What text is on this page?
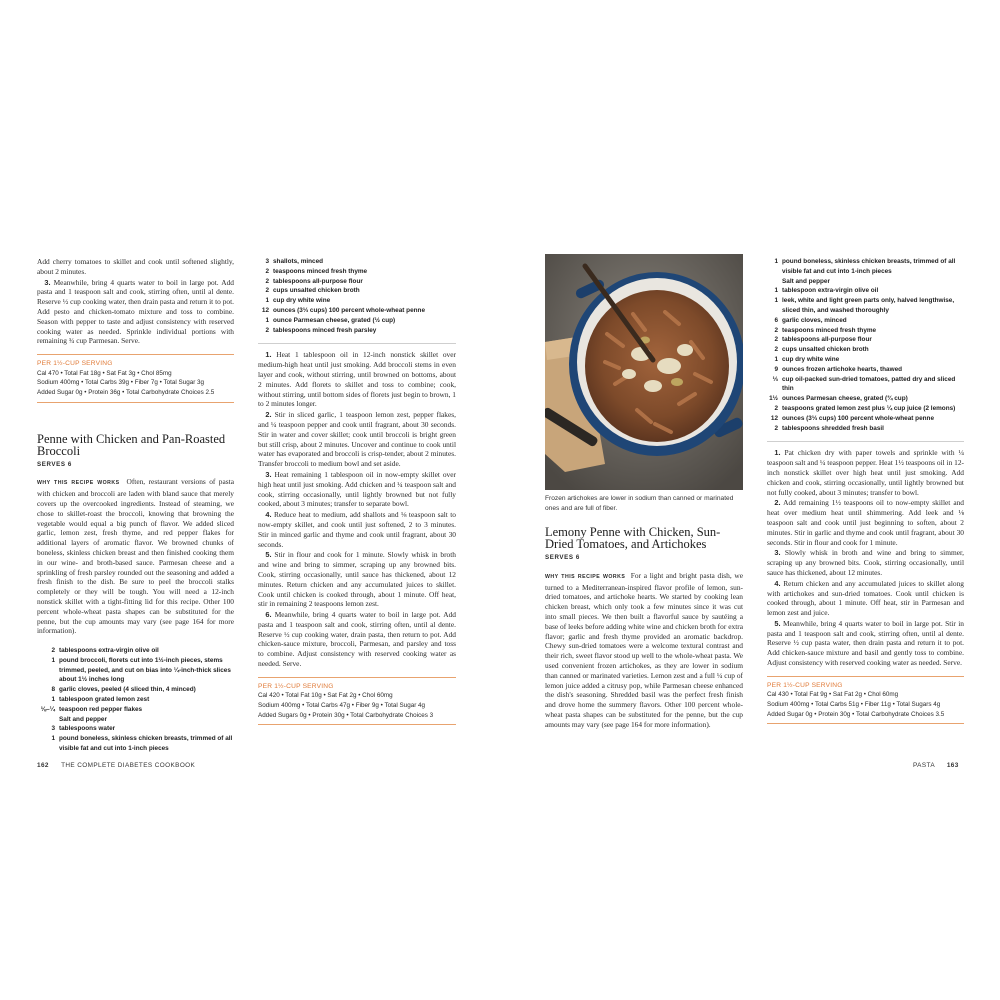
Add cherry tomatoes to skillet and cook until softened slightly, about 2 minutes.

 3. Meanwhile, bring 4 quarts water to boil in large pot. Add pasta and 1 teaspoon salt and cook, stirring often, until al dente. Reserve ½ cup cooking water, then drain pasta and return it to pot. Add pesto and chicken-tomato mixture and toss to combine. Season with pepper to taste and adjust consistency with reserved cooking water as needed. Sprinkle individual portions with remaining ¾ cup Parmesan. Serve.

PER 1½-CUP SERVING
Cal 470 • Total Fat 18g • Sat Fat 3g • Chol 85mg
Sodium 400mg • Total Carbs 39g • Fiber 7g • Total Sugar 3g
Added Sugar 0g • Protein 36g • Total Carbohydrate Choices 2.5
Penne with Chicken and Pan-Roasted Broccoli
SERVES 6

WHY THIS RECIPE WORKS Often, restaurant versions of pasta with chicken and broccoli are laden with bland sauce that merely covers up the overcooked ingredients. Instead of steaming, we chose to skillet-roast the broccoli, knowing that browning the vegetable would equal a big punch of flavor. We added sliced garlic, lemon zest, fresh thyme, and red pepper flakes for additional layers of aromatic flavor. We browned chunks of boneless, skinless chicken breast and then finished cooking them in our wine- and broth-based sauce. Parmesan cheese and a sprinkling of fresh parsley rounded out the seasoning and added a fresh finish to the dish. Be sure to peel the broccoli stalks completely or they will be tough. You will need a 12-inch nonstick skillet with a tight-fitting lid for this recipe. Other 100 percent whole-wheat pasta shapes can be substituted for the penne, but the cup amounts may vary (see page 164 for more information).

2 tablespoons extra-virgin olive oil
1 pound broccoli, florets cut into 1½-inch pieces, stems trimmed, peeled, and cut on bias into ¼-inch-thick slices about 1½ inches long
8 garlic cloves, peeled (4 sliced thin, 4 minced)
1 tablespoon grated lemon zest
⅛–¼ teaspoon red pepper flakes
Salt and pepper
3 tablespoons water
1 pound boneless, skinless chicken breasts, trimmed of all visible fat and cut into 1-inch pieces
3 shallots, minced
2 teaspoons minced fresh thyme
2 tablespoons all-purpose flour
2 cups unsalted chicken broth
1 cup dry white wine
12 ounces (3⅓ cups) 100 percent whole-wheat penne
1 ounce Parmesan cheese, grated (½ cup)
2 tablespoons minced fresh parsley

 1. Heat 1 tablespoon oil in 12-inch nonstick skillet over medium-high heat until just smoking. Add broccoli stems in even layer and cook, without stirring, until browned on bottoms, about 2 minutes. Add florets to skillet and toss to combine; cook, without stirring, until bottom sides of florets just begin to brown, 1 to 2 minutes longer.

 2. Stir in sliced garlic, 1 teaspoon lemon zest, pepper flakes, and ¼ teaspoon pepper and cook until fragrant, about 30 seconds. Stir in water and cover skillet; cook until broccoli is bright green but still crisp, about 2 minutes. Uncover and continue to cook until water has evaporated and broccoli is crisp-tender, about 2 minutes. Transfer broccoli to medium bowl and set aside.

 3. Heat remaining 1 tablespoon oil in now-empty skillet over high heat until just smoking. Add chicken and ¼ teaspoon salt and cook, stirring occasionally, until lightly browned but not fully cooked, about 3 minutes; transfer to separate bowl.

 4. Reduce heat to medium, add shallots and ⅛ teaspoon salt to now-empty skillet, and cook until just softened, 2 to 3 minutes. Stir in minced garlic and thyme and cook until fragrant, about 30 seconds.

 5. Stir in flour and cook for 1 minute. Slowly whisk in broth and wine and bring to simmer, scraping up any browned bits. Cook, stirring occasionally, until sauce has thickened, about 12 minutes. Return chicken and any accumulated juices to skillet. Cook until chicken is cooked through, about 1 minute. Off heat, stir in remaining 2 teaspoons lemon zest.

 6. Meanwhile, bring 4 quarts water to boil in large pot. Add pasta and 1 teaspoon salt and cook, stirring often, until al dente. Reserve ½ cup cooking water, drain pasta, then return to pot. Add chicken-sauce mixture, broccoli, Parmesan, and parsley and toss to combine. Adjust consistency with reserved cooking water as needed. Serve.

PER 1½-CUP SERVING
Cal 420 • Total Fat 10g • Sat Fat 2g • Chol 60mg
Sodium 400mg • Total Carbs 47g • Fiber 9g • Total Sugar 4g
Added Sugars 0g • Protein 30g • Total Carbohydrate Choices 3
Frozen artichokes are lower in sodium than canned or marinated ones and are full of fiber.
Lemony Penne with Chicken, Sun-Dried Tomatoes, and Artichokes
SERVES 6

WHY THIS RECIPE WORKS For a light and bright pasta dish, we turned to a Mediterranean-inspired flavor profile of lemon, sun-dried tomatoes, and artichoke hearts. We started by cooking lean chicken breast, which only took a few minutes since it was cut into small pieces. We then built a flavorful sauce by sautéing a base of leeks before adding white wine and chicken broth for extra flavor; garlic and fresh thyme provided an aromatic backdrop. Chewy sun-dried tomatoes were a welcome textural contrast and their rich, sweet flavor stood up well to the whole-wheat pasta. We used convenient frozen artichokes, as they are lower in sodium than canned or marinated varieties. Lemon zest and a full ¼ cup of lemon juice added a citrusy pop, while Parmesan cheese enhanced the dish's seasoning. Shredded basil was the perfect fresh finish and drove home the summery flavors. Other 100 percent whole-wheat pasta shapes can be substituted for the penne, but the cup amounts may vary (see page 164 for more information).

1 pound boneless, skinless chicken breasts, trimmed of all visible fat and cut into 1-inch pieces
Salt and pepper
1 tablespoon extra-virgin olive oil
1 leek, white and light green parts only, halved lengthwise, sliced thin, and washed thoroughly
6 garlic cloves, minced
2 teaspoons minced fresh thyme
2 tablespoons all-purpose flour
2 cups unsalted chicken broth
1 cup dry white wine
9 ounces frozen artichoke hearts, thawed
⅓ cup oil-packed sun-dried tomatoes, patted dry and sliced thin
1½ ounces Parmesan cheese, grated (¾ cup)
2 teaspoons grated lemon zest plus ¼ cup juice (2 lemons)
12 ounces (3⅓ cups) 100 percent whole-wheat penne
2 tablespoons shredded fresh basil

 1. Pat chicken dry with paper towels and sprinkle with ¼ teaspoon salt and ¼ teaspoon pepper. Heat 1½ teaspoons oil in 12-inch nonstick skillet over high heat until just smoking. Add chicken and cook, stirring occasionally, until lightly browned but not fully cooked, about 3 minutes; transfer to bowl.

 2. Add remaining 1½ teaspoons oil to now-empty skillet and heat over medium heat until shimmering. Add leek and ⅛ teaspoon salt and cook until just beginning to soften, about 2 minutes. Stir in garlic and thyme and cook until fragrant, about 30 seconds. Stir in flour and cook for 1 minute.

 3. Slowly whisk in broth and wine and bring to simmer, scraping up any browned bits. Cook, stirring occasionally, until sauce has thickened, about 12 minutes.

 4. Return chicken and any accumulated juices to skillet along with artichokes and sun-dried tomatoes. Cook until chicken is cooked through, about 1 minute. Off heat, stir in Parmesan and lemon zest and juice.

 5. Meanwhile, bring 4 quarts water to boil in large pot. Stir in pasta and 1 teaspoon salt and cook, stirring often, until al dente. Reserve ½ cup pasta water, then drain pasta and return it to pot. Add chicken-sauce mixture and basil and gently toss to combine. Adjust consistency with reserved cooking water as needed. Serve.

PER 1½-CUP SERVING
Cal 430 • Total Fat 9g • Sat Fat 2g • Chol 60mg
Sodium 400mg • Total Carbs 51g • Fiber 11g • Total Sugars 4g
Added Sugar 0g • Protein 30g • Total Carbohydrate Choices 3.5
162 THE COMPLETE DIABETES COOKBOOK	PASTA 163
